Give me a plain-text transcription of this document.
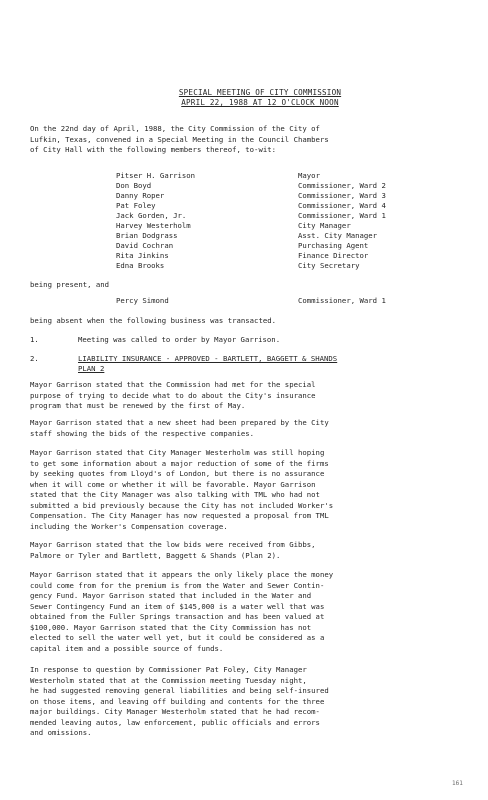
SPECIAL MEETING OF CITY COMMISSION
APRIL 22, 1988 AT 12 O'CLOCK NOON
On the 22nd day of April, 1988, the City Commission of the City of
Lufkin, Texas, convened in a Special Meeting in the Council Chambers
of City Hall with the following members thereof, to-wit:
Pitser H. Garrison	Mayor
Don Boyd	Commissioner, Ward 2
Danny Roper	Commissioner, Ward 3
Pat Foley	Commissioner, Ward 4
Jack Gorden, Jr.	Commissioner, Ward 1
Harvey Westerholm	City Manager
Brian Dodgrass	Asst. City Manager
David Cochran	Purchasing Agent
Rita Jinkins	Finance Director
Edna Brooks	City Secretary
being present, and
Percy Simond	Commissioner, Ward 1
being absent when the following business was transacted.
1.	Meeting was called to order by Mayor Garrison.
2.	LIABILITY INSURANCE - APPROVED - BARTLETT, BAGGETT & SHANDS
PLAN 2
Mayor Garrison stated that the Commission had met for the special
purpose of trying to decide what to do about the City's insurance
program that must be renewed by the first of May.
Mayor Garrison stated that a new sheet had been prepared by the City
staff showing the bids of the respective companies.
Mayor Garrison stated that City Manager Westerholm was still hoping
to get some information about a major reduction of some of the firms
by seeking quotes from Lloyd's of London, but there is no assurance
when it will come or whether it will be favorable. Mayor Garrison
stated that the City Manager was also talking with TML who had not
submitted a bid previously because the City has not included Worker's
Compensation. The City Manager has now requested a proposal from TML
including the Worker's Compensation coverage.
Mayor Garrison stated that the low bids were received from Gibbs,
Palmore or Tyler and Bartlett, Baggett & Shands (Plan 2).
Mayor Garrison stated that it appears the only likely place the money
could come from for the premium is from the Water and Sewer Contin-
gency Fund. Mayor Garrison stated that included in the Water and
Sewer Contingency Fund an item of $145,000 is a water well that was
obtained from the Fuller Springs transaction and has been valued at
$100,000. Mayor Garrison stated that the City Commission has not
elected to sell the water well yet, but it could be considered as a
capital item and a possible source of funds.
In response to question by Commissioner Pat Foley, City Manager
Westerholm stated that at the Commission meeting Tuesday night,
he had suggested removing general liabilities and being self-insured
on those items, and leaving off building and contents for the three
major buildings. City Manager Westerholm stated that he had recom-
mended leaving autos, law enforcement, public officials and errors
and omissions.
161
